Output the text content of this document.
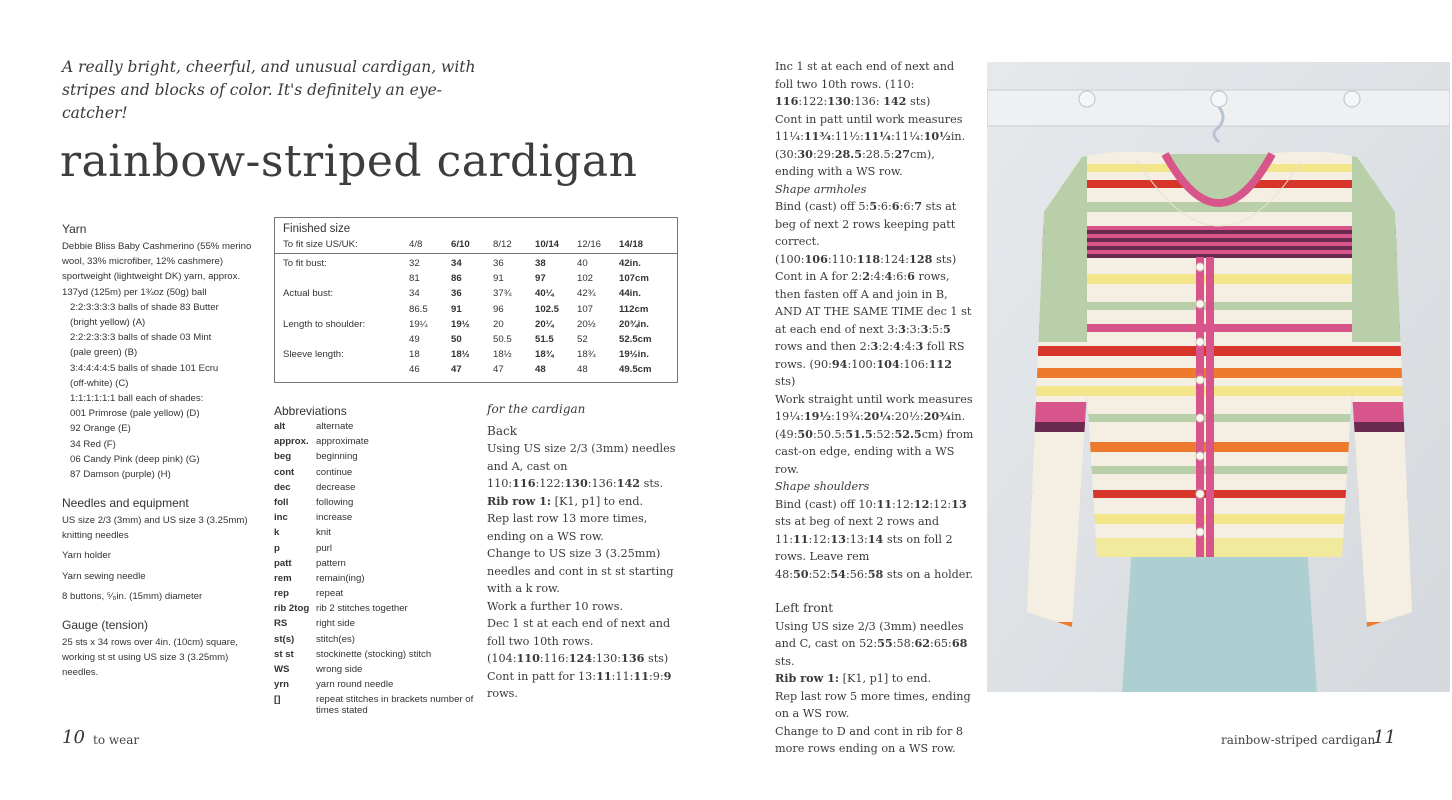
A really bright, cheerful, and unusual cardigan, with stripes and blocks of color. It's definitely an eye-catcher!
rainbow-striped cardigan
Yarn
Debbie Bliss Baby Cashmerino (55% merino
wool, 33% microfiber, 12% cashmere)
sportweight (lightweight DK) yarn, approx.
137yd (125m) per 1¾oz (50g) ball
2:2:3:3:3:3 balls of shade 83 Butter
(bright yellow) (A)
2:2:2:3:3:3 balls of shade 03 Mint
(pale green) (B)
3:4:4:4:4:5 balls of shade 101 Ecru
(off-white) (C)
1:1:1:1:1:1 ball each of shades:
001 Primrose (pale yellow) (D)
92 Orange (E)
34 Red (F)
06 Candy Pink (deep pink) (G)
87 Damson (purple) (H)
Needles and equipment
US size 2/3 (3mm) and US size 3 (3.25mm)
knitting needles
Yarn holder
Yarn sewing needle
8 buttons, ⁵⁄₈in. (15mm) diameter
Gauge (tension)
25 sts x 34 rows over 4in. (10cm) square,
working st st using US size 3 (3.25mm)
needles.
Finished size
To fit size US/UK:	4/8	6/10 8/12 10/14 12/16 14/18
To fit bust:	32	34	36	38	40	42in.
81	86	91	97	102	107cm
Actual bust:	34	36	37¾ 40¼ 42¾ 44in.
86.5 91	96	102.5 107	112cm
Length to shoulder:	19¼ 19½ 20	20¼ 20½ 20¾in.
49	50	50.5 51.5 52	52.5cm
Sleeve length:	18	18½ 18½ 18¾ 18¾ 19½in.
46	47	47	48	48	49.5cm
Abbreviations
alt	alternate
approx. approximate
beg	beginning
cont continue
dec	decrease
foll	following
inc	increase
k	knit
p	purl
patt	pattern
rem	remain(ing)
rep	repeat
rib 2tog rib 2 stitches together
RS	right side
st(s) stitch(es)
st st stockinette (stocking) stitch
WS	wrong side
yrn	yarn round needle
[]	repeat stitches in brackets number of times stated
for the cardigan

Back

Using US size 2/3 (3mm) needles and A, cast on 110:116:122:130:136:142 sts.

Rib row 1: [K1, p1] to end.

Rep last row 13 more times, ending on a WS row.

Change to US size 3 (3.25mm) needles and cont in st st starting with a k row.

Work a further 10 rows.

Dec 1 st at each end of next and foll two 10th rows. (104:110:116:124:130:136 sts)

Cont in patt for 13:11:11:11:9:9 rows.

Inc 1 st at each end of next and foll two 10th rows. (110: 116:122:130:136: 142 sts)

Cont in patt until work measures 11¼:11¾:11½:11¼:11¼:10½in. (30:30:29:28.5:28.5:27cm), ending with a WS row.

Shape armholes

Bind (cast) off 5:5:6:6:6:7 sts at beg of next 2 rows keeping patt correct. (100:106:110:118:124:128 sts)

Cont in A for 2:2:4:4:6:6 rows, then fasten off A and join in B, AND AT THE SAME TIME dec 1 st at each end of next 3:3:3:3:5:5 rows and then 2:3:2:4:4:3 foll RS rows. (90:94:100:104:106:112 sts)

Work straight until work measures 19¼:19½:19¾:20¼:20½:20¾in. (49:50:50.5:51.5:52:52.5cm) from cast-on edge, ending with a WS row.

Shape shoulders

Bind (cast) off 10:11:12:12:12:13 sts at beg of next 2 rows and 11:11:12:13:13:14 sts on foll 2 rows. Leave rem 48:50:52:54:56:58 sts on a holder.

Left front

Using US size 2/3 (3mm) needles and C, cast on 52:55:58:62:65:68 sts.

Rib row 1: [K1, p1] to end.

Rep last row 5 more times, ending on a WS row.

Change to D and cont in rib for 8 more rows ending on a WS row.

10 to wear	rainbow-striped cardigan
11
